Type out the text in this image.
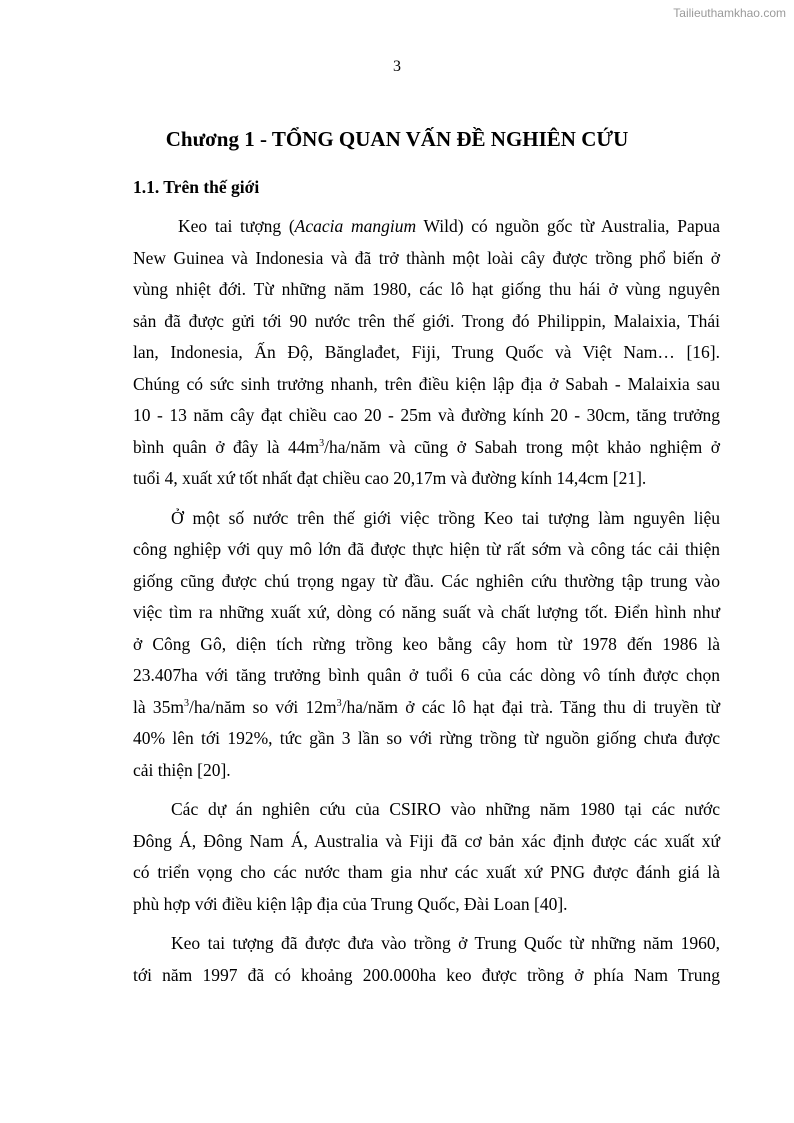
Tailieuthamkhao.com
3
Chương 1 - TỔNG QUAN VẤN ĐỀ NGHIÊN CỨU
1.1. Trên thế giới
Keo tai tượng (Acacia mangium Wild) có nguồn gốc từ Australia, Papua
New Guinea và Indonesia và đã trở thành một loài cây được trồng phổ biến ở
vùng nhiệt đới. Từ những năm 1980, các lô hạt giống thu hái ở vùng nguyên
sản đã được gửi tới 90 nước trên thế giới. Trong đó Philippin, Malaixia, Thái
lan, Indonesia, Ấn Độ, Bănglađet, Fiji, Trung Quốc và Việt Nam… [16].
Chúng có sức sinh trưởng nhanh, trên điều kiện lập địa ở Sabah - Malaixia sau
10 - 13 năm cây đạt chiều cao 20 - 25m và đường kính 20 - 30cm, tăng trưởng
bình quân ở đây là $44m^3/ha$/năm và cũng ở Sabah trong một khảo nghiệm ở
tuổi 4, xuất xứ tốt nhất đạt chiều cao 20,17m và đường kính 14,4cm [21].
Ở một số nước trên thế giới việc trồng Keo tai tượng làm nguyên liệu
công nghiệp với quy mô lớn đã được thực hiện từ rất sớm và công tác cải thiện
giống cũng được chú trọng ngay từ đầu. Các nghiên cứu thường tập trung vào
việc tìm ra những xuất xứ, dòng có năng suất và chất lượng tốt. Điển hình như
ở Công Gô, diện tích rừng trồng keo bằng cây hom từ 1978 đến 1986 là
23.407ha với tăng trưởng bình quân ở tuổi 6 của các dòng vô tính được chọn
là $35m^3/ha$/năm so với $12m^3/ha$/năm ở các lô hạt đại trà. Tăng thu di truyền từ
40% lên tới 192%, tức gần 3 lần so với rừng trồng từ nguồn giống chưa được
cải thiện [20].
Các dự án nghiên cứu của CSIRO vào những năm 1980 tại các nước
Đông Á, Đông Nam Á, Australia và Fiji đã cơ bản xác định được các xuất xứ
có triển vọng cho các nước tham gia như các xuất xứ PNG được đánh giá là
phù hợp với điều kiện lập địa của Trung Quốc, Đài Loan [40].
Keo tai tượng đã được đưa vào trồng ở Trung Quốc từ những năm 1960,
tới năm 1997 đã có khoảng 200.000ha keo được trồng ở phía Nam Trung
